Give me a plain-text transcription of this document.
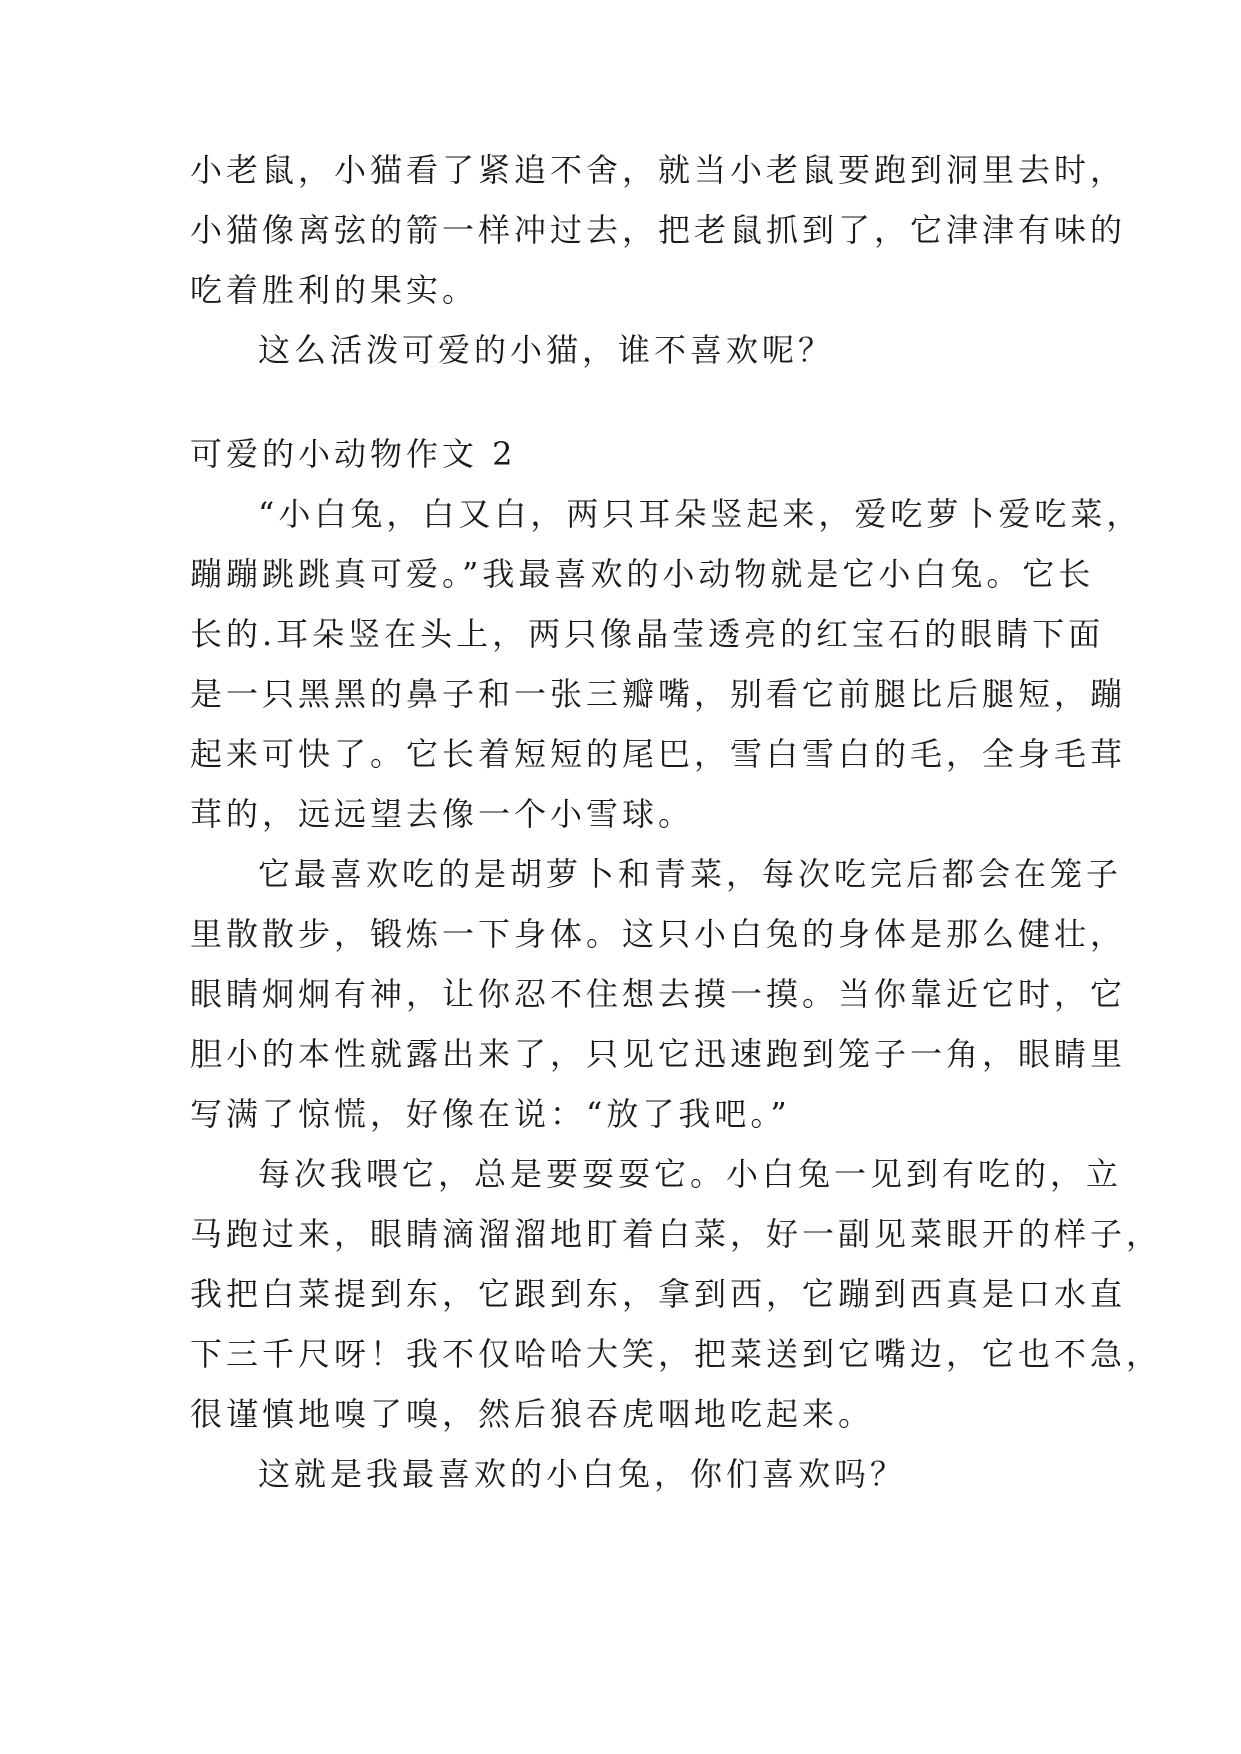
小老鼠，小猫看了紧追不舍，就当小老鼠要跑到洞里去时，

小猫像离弦的箭一样冲过去，把老鼠抓到了，它津津有味的

吃着胜利的果实。

这么活泼可爱的小猫，谁不喜欢呢？

可爱的小动物作文 2

“小白兔，白又白，两只耳朵竖起来，爱吃萝卜爱吃菜，

蹦蹦跳跳真可爱。”我最喜欢的小动物就是它小白兔。它长

长的.耳朵竖在头上，两只像晶莹透亮的红宝石的眼睛下面

是一只黑黑的鼻子和一张三瓣嘴，别看它前腿比后腿短，蹦

起来可快了。它长着短短的尾巴，雪白雪白的毛，全身毛茸

茸的，远远望去像一个小雪球。

它最喜欢吃的是胡萝卜和青菜，每次吃完后都会在笼子

里散散步，锻炼一下身体。这只小白兔的身体是那么健壮，

眼睛炯炯有神，让你忍不住想去摸一摸。当你靠近它时，它

胆小的本性就露出来了，只见它迅速跑到笼子一角，眼睛里

写满了惊慌，好像在说：“放了我吧。”

每次我喂它，总是要耍耍它。小白兔一见到有吃的，立

马跑过来，眼睛滴溜溜地盯着白菜，好一副见菜眼开的样子，

我把白菜提到东，它跟到东，拿到西，它蹦到西真是口水直

下三千尺呀！我不仅哈哈大笑，把菜送到它嘴边，它也不急，

很谨慎地嗅了嗅，然后狼吞虎咽地吃起来。

这就是我最喜欢的小白兔，你们喜欢吗？
